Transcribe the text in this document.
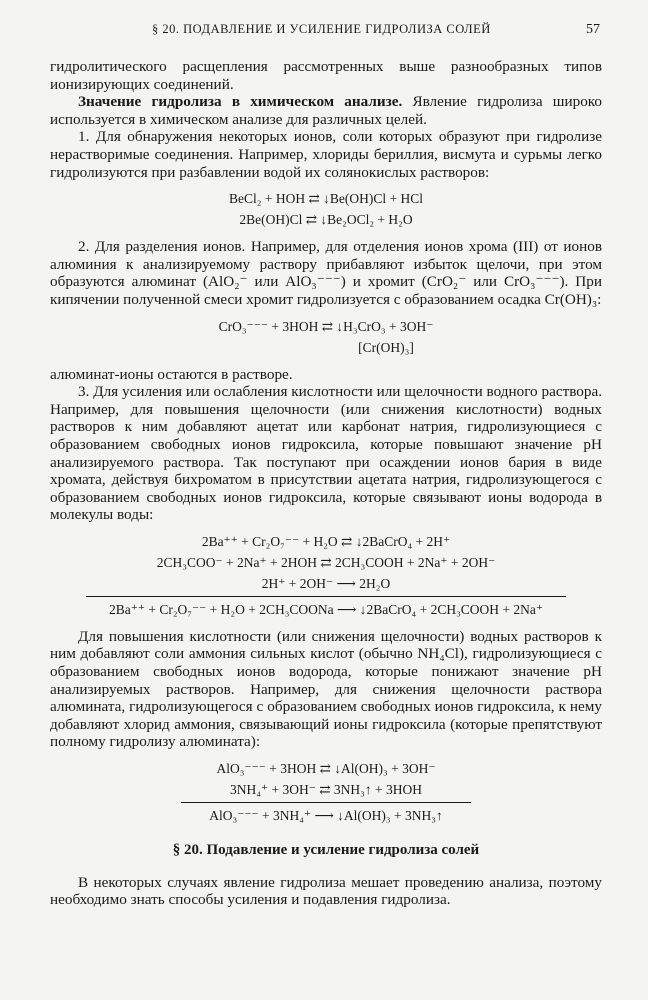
§ 20. ПОДАВЛЕНИЕ И УСИЛЕНИЕ ГИДРОЛИЗА СОЛЕЙ	57

гидролитического расщепления рассмотренных выше разнообразных типов ионизирующих соединений.

Значение гидролиза в химическом анализе. Явление гидролиза широко используется в химическом анализе для различных целей.

1. Для обнаружения некоторых ионов, соли которых образуют при гидролизе нерастворимые соединения. Например, хлориды бериллия, висмута и сурьмы легко гидролизуются при разбавлении водой их солянокислых растворов:

BeCl₂ + HOH ⇄ ↓Be(OH)Cl + HCl
2Be(OH)Cl ⇄ ↓Be₂OCl₂ + H₂O

2. Для разделения ионов. Например, для отделения ионов хрома (III) от ионов алюминия к анализируемому раствору прибавляют избыток щелочи, при этом образуются алюминат (AlO₂⁻ или AlO₃⁻⁻⁻) и хромит (CrO₂⁻ или CrO₃⁻⁻⁻). При кипячении полученной смеси хромит гидролизуется с образованием осадка Cr(OH)₃:

CrO₃⁻⁻⁻ + 3HOH ⇄ ↓H₃CrO₃ + 3OH⁻
[Cr(OH)₃]

алюминат-ионы остаются в растворе.

3. Для усиления или ослабления кислотности или щелочности водного раствора. Например, для повышения щелочности (или снижения кислотности) водных растворов к ним добавляют ацетат или карбонат натрия, гидролизующиеся с образованием свободных ионов гидроксила, которые повышают значение pH анализируемого раствора. Так поступают при осаждении ионов бария в виде хромата, действуя бихроматом в присутствии ацетата натрия, гидролизующегося с образованием свободных ионов гидроксила, которые связывают ионы водорода в молекулы воды:

2Ba⁺⁺ + Cr₂O₇⁻⁻ + H₂O ⇄ ↓2BaCrO₄ + 2H⁺
2CH₃COO⁻ + 2Na⁺ + 2HOH ⇄ 2CH₃COOH + 2Na⁺ + 2OH⁻
2H⁺ + 2OH⁻ ⟶ 2H₂O
2Ba⁺⁺ + Cr₂O₇⁻⁻ + H₂O + 2CH₃COONa ⟶ ↓2BaCrO₄ + 2CH₃COOH + 2Na⁺

Для повышения кислотности (или снижения щелочности) водных растворов к ним добавляют соли аммония сильных кислот (обычно NH₄Cl), гидролизующиеся с образованием свободных ионов водорода, которые понижают значение pH анализируемых растворов. Например, для снижения щелочности раствора алюмината, гидролизующегося с образованием свободных ионов гидроксила, к нему добавляют хлорид аммония, связывающий ионы гидроксила (которые препятствуют полному гидролизу алюмината):

AlO₃⁻⁻⁻ + 3HOH ⇄ ↓Al(OH)₃ + 3OH⁻
3NH₄⁺ + 3OH⁻ ⇄ 3NH₃↑ + 3HOH
AlO₃⁻⁻⁻ + 3NH₄⁺ ⟶ ↓Al(OH)₃ + 3NH₃↑
§ 20. Подавление и усиление гидролиза солей

В некоторых случаях явление гидролиза мешает проведению анализа, поэтому необходимо знать способы усиления и подавления гидролиза.
